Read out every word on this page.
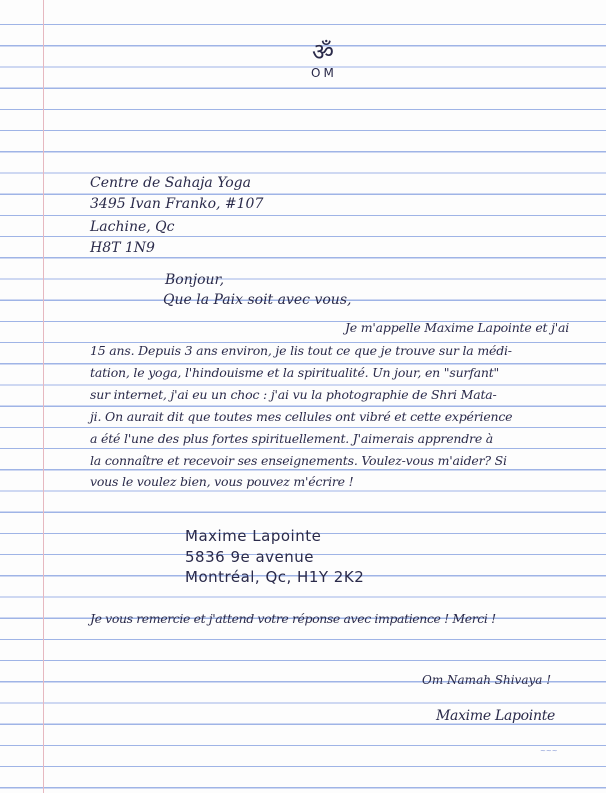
ॐ
OM
Centre de Sahaja Yoga
3495 Ivan Franko, #107
Lachine, Qc
H8T 1N9
Bonjour,
Que la Paix soit avec vous,
Je m'appelle Maxime Lapointe et j'ai
15 ans. Depuis 3 ans environ, je lis tout ce que je trouve sur la médi-
tation, le yoga, l'hindouisme et la spiritualité. Un jour, en "surfant"
sur internet, j'ai eu un choc : j'ai vu la photographie de Shri Mata-
ji. On aurait dit que toutes mes cellules ont vibré et cette expérience
a été l'une des plus fortes spirituellement. J'aimerais apprendre à
la connaître et recevoir ses enseignements. Voulez-vous m'aider? Si
vous le voulez bien, vous pouvez m'écrire !
Maxime Lapointe
5836 9e avenue
Montréal, Qc, H1Y 2K2
Je vous remercie et j'attend votre réponse avec impatience ! Merci !
Om Namah Shivaya !
Maxime Lapointe
~~~
